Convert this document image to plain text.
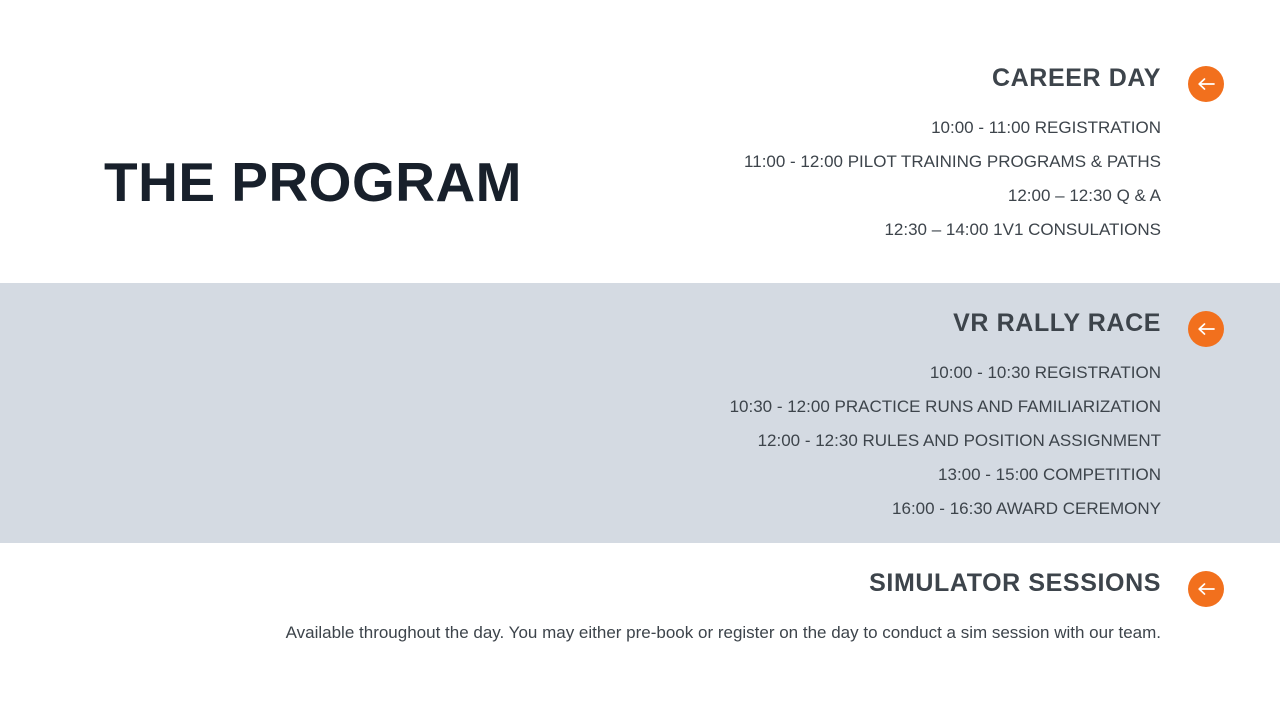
THE PROGRAM
CAREER DAY
10:00 - 11:00 REGISTRATION
11:00 - 12:00 PILOT TRAINING PROGRAMS & PATHS
12:00 – 12:30 Q & A
12:30 – 14:00 1V1 CONSULATIONS
VR RALLY RACE
10:00 - 10:30 REGISTRATION
10:30 - 12:00 PRACTICE RUNS AND FAMILIARIZATION
12:00 - 12:30 RULES AND POSITION ASSIGNMENT
13:00 - 15:00 COMPETITION
16:00 - 16:30 AWARD CEREMONY
SIMULATOR SESSIONS
Available throughout the day. You may either pre-book or register on the day to conduct a sim session with our team.
